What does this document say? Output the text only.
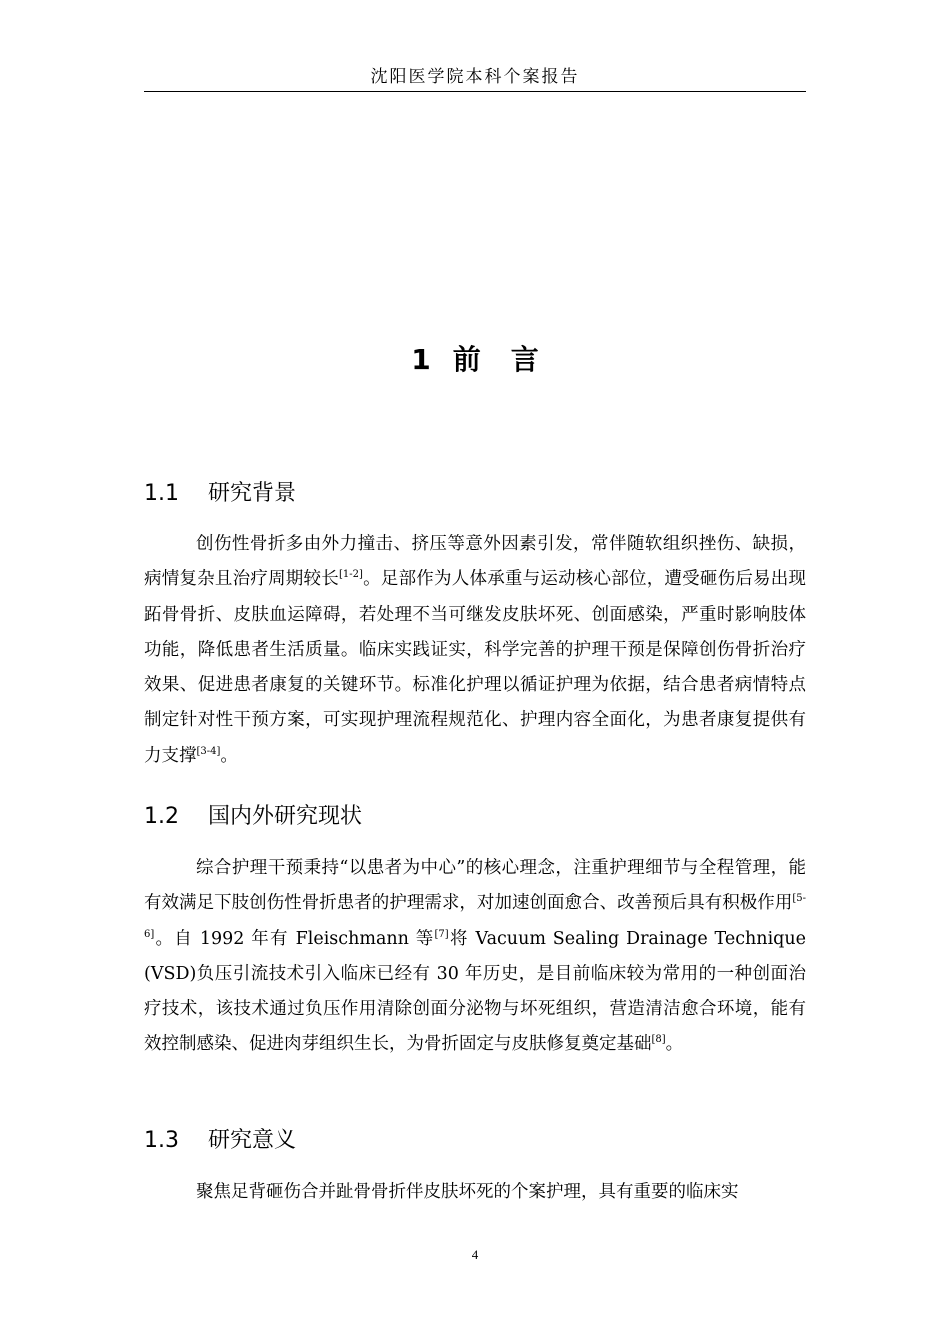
沈阳医学院本科个案报告
1 前言
1.1 研究背景

创伤性骨折多由外力撞击、挤压等意外因素引发，常伴随软组织挫伤、缺损，病情复杂且治疗周期较长[1-2]。足部作为人体承重与运动核心部位，遭受砸伤后易出现跖骨骨折、皮肤血运障碍，若处理不当可继发皮肤坏死、创面感染，严重时影响肢体功能，降低患者生活质量。临床实践证实，科学完善的护理干预是保障创伤骨折治疗效果、促进患者康复的关键环节。标准化护理以循证护理为依据，结合患者病情特点制定针对性干预方案，可实现护理流程规范化、护理内容全面化，为患者康复提供有力支撑[3-4]。

1.2 国内外研究现状

综合护理干预秉持“以患者为中心”的核心理念，注重护理细节与全程管理，能有效满足下肢创伤性骨折患者的护理需求，对加速创面愈合、改善预后具有积极作用[5-6]。自 1992 年有 Fleischmann 等[7]将 Vacuum Sealing Drainage Technique (VSD)负压引流技术引入临床已经有 30 年历史，是目前临床较为常用的一种创面治疗技术，该技术通过负压作用清除创面分泌物与坏死组织，营造清洁愈合环境，能有效控制感染、促进肉芽组织生长，为骨折固定与皮肤修复奠定基础[8]。

1.3 研究意义

聚焦足背砸伤合并趾骨骨折伴皮肤坏死的个案护理，具有重要的临床实

4
